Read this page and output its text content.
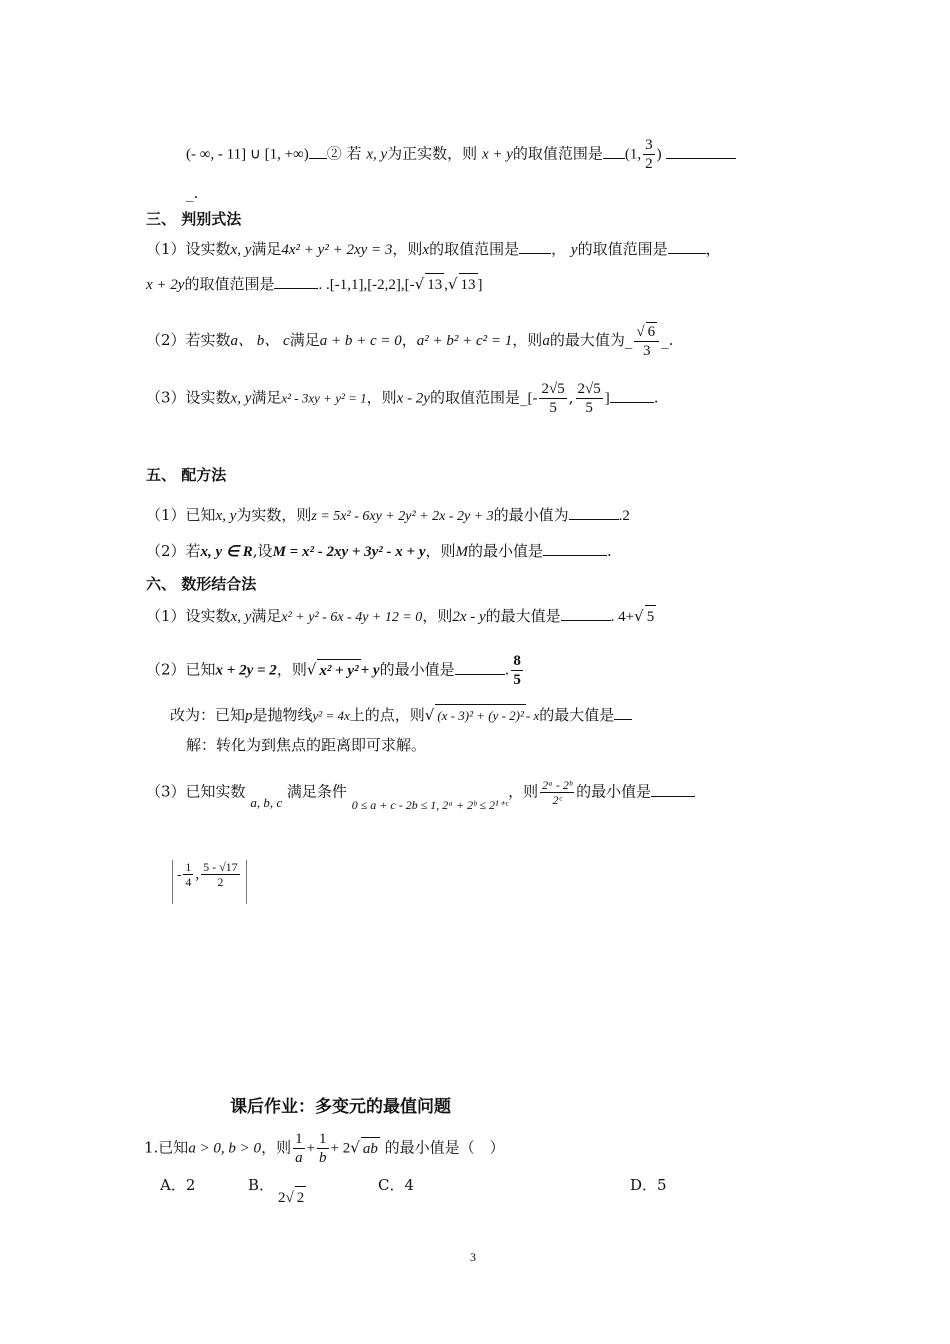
(- ∞, - 11] ∪ [1, +∞) ② 若 x, y为正实数，则 x + y的取值范围是 (1, $\frac{3}{2}$ )
_.
三、 判别式法
（1）设实数x, y满足4x² + y² + 2xy = 3，则x的取值范围是 ， y的取值范围是	，
x + 2y的取值范围是	. .[-1,1],[-2,2],[-√ 13 ,√ 13 ]
（2）若实数a、 b、 c满足a + b + c = 0，a² + b² + c² = 1，则a的最大值为_ $\frac{√ 6}{3}$ _.
（3）设实数x, y满足x² - 3xy + y² = 1，则x - 2y的取值范围是_[- $\frac{2√5}{5}$ , $\frac{2√5}{5}$ ]	.
五、 配方法
（1）已知x, y为实数，则z = 5x² - 6xy + 2y² + 2x - 2y + 3的最小值为	.2
（2）若x, y ∈ R,设M = x² - 2xy + 3y² - x + y，则M的最小值是	.
六、 数形结合法
（1）设实数x, y满足x² + y² - 6x - 4y + 12 = 0，则2x - y的最大值是	. 4+√ 5
（2）已知x + 2y = 2，则√ x² + y² + y的最小值是	. $\frac{8}{5}$
改为：已知p是抛物线y² = 4x上的点，则√ (x - 3)² + (y - 2)² - x的最大值是
解：转化为到焦点的距离即可求解。
（3）已知实数 a, b, c 满足条件 $_{0 \le a + c - 2b \le 1, 2ᵃ + 2ᵇ \le 2^{1+}ᶜ}$，则 $\frac{\text{2ᵃ - 2ᵇ}}{\text{2ᶜ}}$ 的最小值是
- $\frac{1}{4}$ , $\frac{5 - √17}{2}$
课后作业：多变元的最值问题
1.已知a > 0, b > 0，则 $\frac{1}{a} + \frac{1}{b} + 2√$ ab 的最小值是（　）
A．2	B．
2√ 2
C．4	D．5
3
